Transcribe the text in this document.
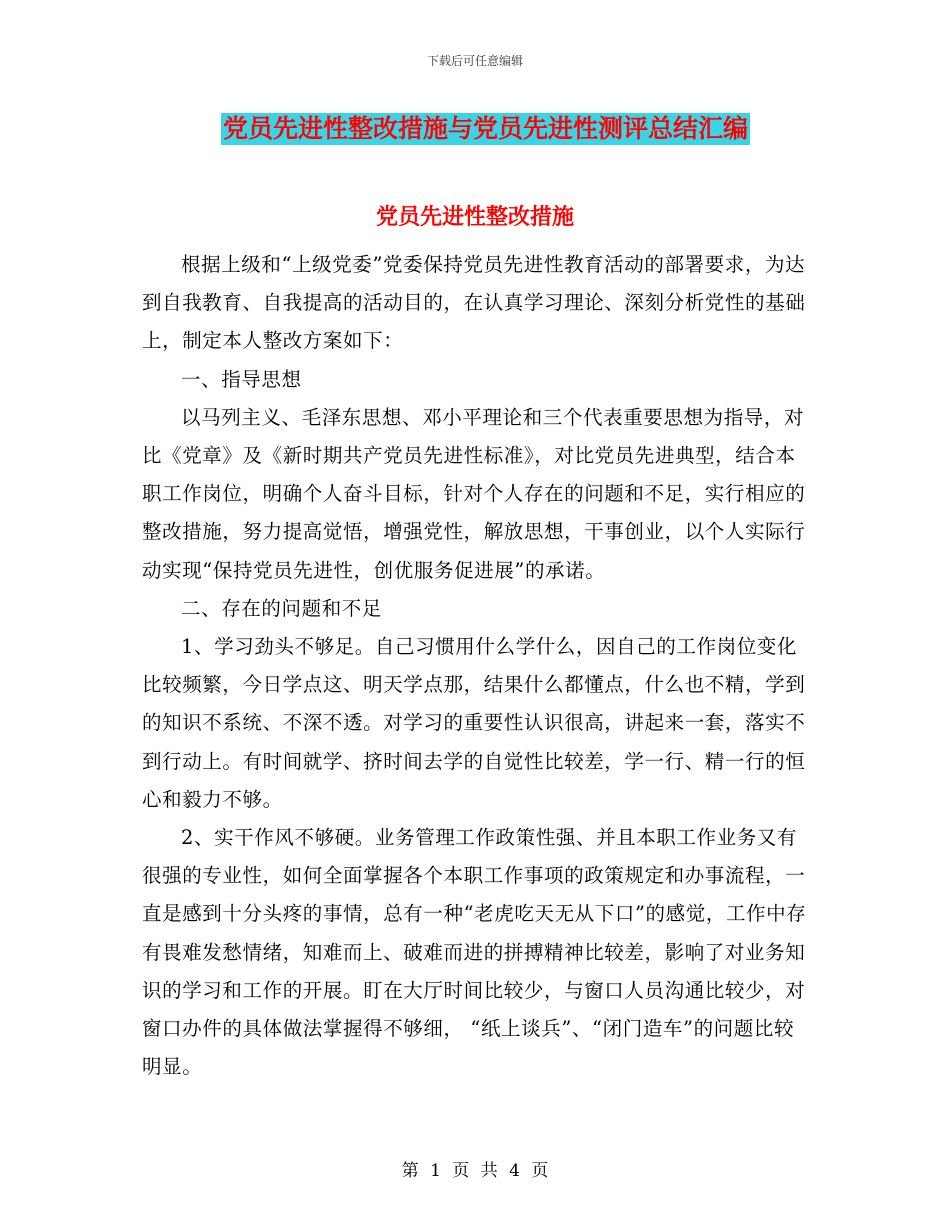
下载后可任意编辑
党员先进性整改措施与党员先进性测评总结汇编
党员先进性整改措施

根据上级和“上级党委”党委保持党员先进性教育活动的部署要求，为达到自我教育、自我提高的活动目的，在认真学习理论、深刻分析党性的基础上，制定本人整改方案如下：

一、指导思想

以马列主义、毛泽东思想、邓小平理论和三个代表重要思想为指导，对比《党章》及《新时期共产党员先进性标准》，对比党员先进典型，结合本职工作岗位，明确个人奋斗目标，针对个人存在的问题和不足，实行相应的整改措施，努力提高觉悟，增强党性，解放思想，干事创业，以个人实际行动实现“保持党员先进性，创优服务促进展”的承诺。

二、存在的问题和不足

1、学习劲头不够足。自己习惯用什么学什么，因自己的工作岗位变化比较频繁，今日学点这、明天学点那，结果什么都懂点，什么也不精，学到的知识不系统、不深不透。对学习的重要性认识很高，讲起来一套，落实不到行动上。有时间就学、挤时间去学的自觉性比较差，学一行、精一行的恒心和毅力不够。

2、实干作风不够硬。业务管理工作政策性强、并且本职工作业务又有很强的专业性，如何全面掌握各个本职工作事项的政策规定和办事流程，一直是感到十分头疼的事情，总有一种“老虎吃天无从下口”的感觉，工作中存有畏难发愁情绪，知难而上、破难而进的拼搏精神比较差，影响了对业务知识的学习和工作的开展。盯在大厅时间比较少，与窗口人员沟通比较少，对窗口办件的具体做法掌握得不够细， “纸上谈兵”、“闭门造车”的问题比较明显。

第 1 页 共 4 页
